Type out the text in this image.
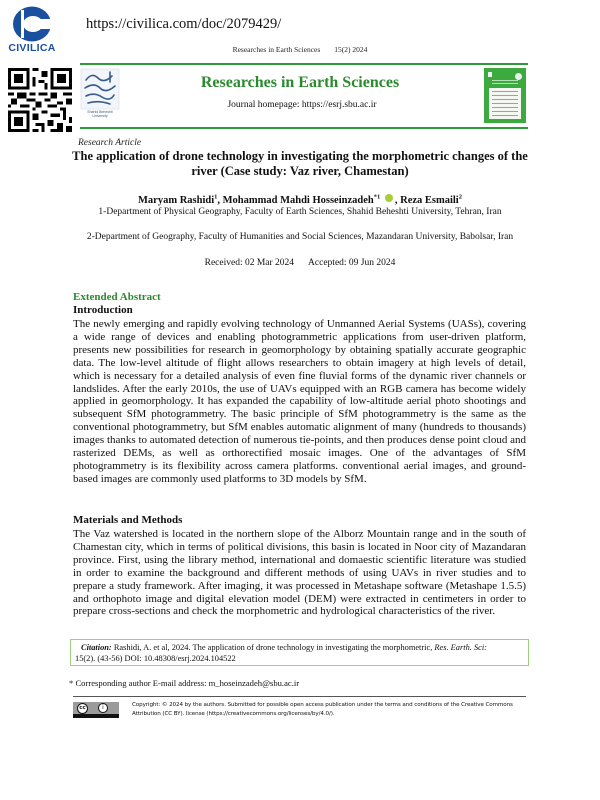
CIVILICA
https://civilica.com/doc/2079429/
Researches in Earth Sciences 15(2) 2024
Shahid Beheshti University
Researches in Earth Sciences
Journal homepage: https://esrj.sbu.ac.ir
Research Article
The application of drone technology in investigating the morphometric changes of the river (Case study: Vaz river, Chamestan)
Maryam Rashidi$^1$, Mohammad Mahdi Hosseinzadeh$^{*1}$ , Reza Esmaili$^2$
1-Department of Physical Geography, Faculty of Earth Sciences, Shahid Beheshti University, Tehran, Iran
2-Department of Geography, Faculty of Humanities and Social Sciences, Mazandaran University, Babolsar, Iran
Received: 02 Mar 2024 Accepted: 09 Jun 2024
Extended Abstract
Introduction
The newly emerging and rapidly evolving technology of Unmanned Aerial Systems (UASs), covering a wide range of devices and enabling photogrammetric applications from user-driven platform, presents new possibilities for research in geomorphology by obtaining spatially accurate geographic data. The low-level altitude of flight allows researchers to obtain imagery at high levels of detail, which is necessary for a detailed analysis of even fine fluvial forms of the dynamic river channels or landslides. After the early 2010s, the use of UAVs equipped with an RGB camera has become widely applied in geomorphology. It has expanded the capability of low-altitude aerial photo shootings and subsequent SfM photogrammetry. The basic principle of SfM photogrammetry is the same as the conventional photogrammetry, but SfM enables automatic alignment of many (hundreds to thousands) images thanks to automated detection of numerous tie-points, and then produces dense point cloud and rasterized DEMs, as well as orthorectified mosaic images. One of the advantages of SfM photogrammetry is its flexibility across camera platforms. conventional aerial images, and ground-based images are commonly used platforms to 3D models by SfM.
Materials and Methods
The Vaz watershed is located in the northern slope of the Alborz Mountain range and in the south of Chamestan city, which in terms of political divisions, this basin is located in Noor city of Mazandaran province. First, using the library method, international and domaestic scientific literature was studied in order to examine the background and different methods of using UAVs in river studies and to prepare a study framework. After imaging, it was processed in Metashape software (Metashape 1.5.5) and orthophoto image and digital elevation model (DEM) were extracted in centimeters in order to prepare cross-sections and check the morphometric and hydrological characteristics of the river.
Citation: Rashidi, A. et al, 2024. The application of drone technology in investigating the morphometric, Res. Earth. Sci:
15(2). (43-56) DOI: 10.48308/esrj.2024.104522
* Corresponding author E-mail address: m_hoseinzadeh@sbu.ac.ir
cc	i	Copyright: © 2024 by the authors. Submitted for possible open access publication under the terms and conditions of the Creative Commons Attribution (CC BY). license (https://creativecommons.org/licenses/by/4.0/).
